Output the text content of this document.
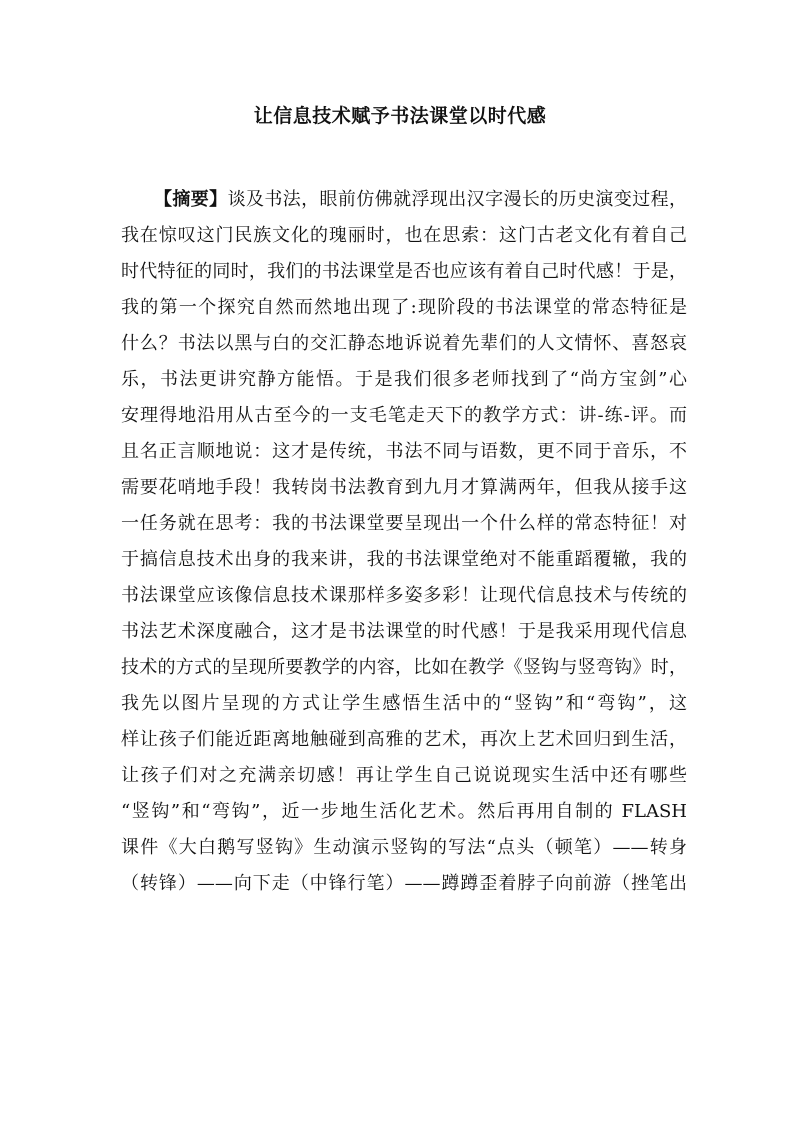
让信息技术赋予书法课堂以时代感
【摘要】谈及书法，眼前仿佛就浮现出汉字漫长的历史演变过程，
我在惊叹这门民族文化的瑰丽时，也在思索：这门古老文化有着自己
时代特征的同时，我们的书法课堂是否也应该有着自己时代感！于是，
我的第一个探究自然而然地出现了:现阶段的书法课堂的常态特征是
什么？书法以黑与白的交汇静态地诉说着先辈们的人文情怀、喜怒哀
乐，书法更讲究静方能悟。于是我们很多老师找到了“尚方宝剑”心
安理得地沿用从古至今的一支毛笔走天下的教学方式：讲-练-评。而
且名正言顺地说：这才是传统，书法不同与语数，更不同于音乐，不
需要花哨地手段！我转岗书法教育到九月才算满两年，但我从接手这
一任务就在思考：我的书法课堂要呈现出一个什么样的常态特征！对
于搞信息技术出身的我来讲，我的书法课堂绝对不能重蹈覆辙，我的
书法课堂应该像信息技术课那样多姿多彩！让现代信息技术与传统的
书法艺术深度融合，这才是书法课堂的时代感！于是我采用现代信息
技术的方式的呈现所要教学的内容，比如在教学《竖钩与竖弯钩》时，
我先以图片呈现的方式让学生感悟生活中的“竖钩”和“弯钩”，这
样让孩子们能近距离地触碰到高雅的艺术，再次上艺术回归到生活，
让孩子们对之充满亲切感！再让学生自己说说现实生活中还有哪些
“竖钩”和“弯钩”，近一步地生活化艺术。然后再用自制的 FLASH
课件《大白鹅写竖钩》生动演示竖钩的写法“点头（顿笔）——转身
（转锋）——向下走（中锋行笔）——蹲蹲歪着脖子向前游（挫笔出
